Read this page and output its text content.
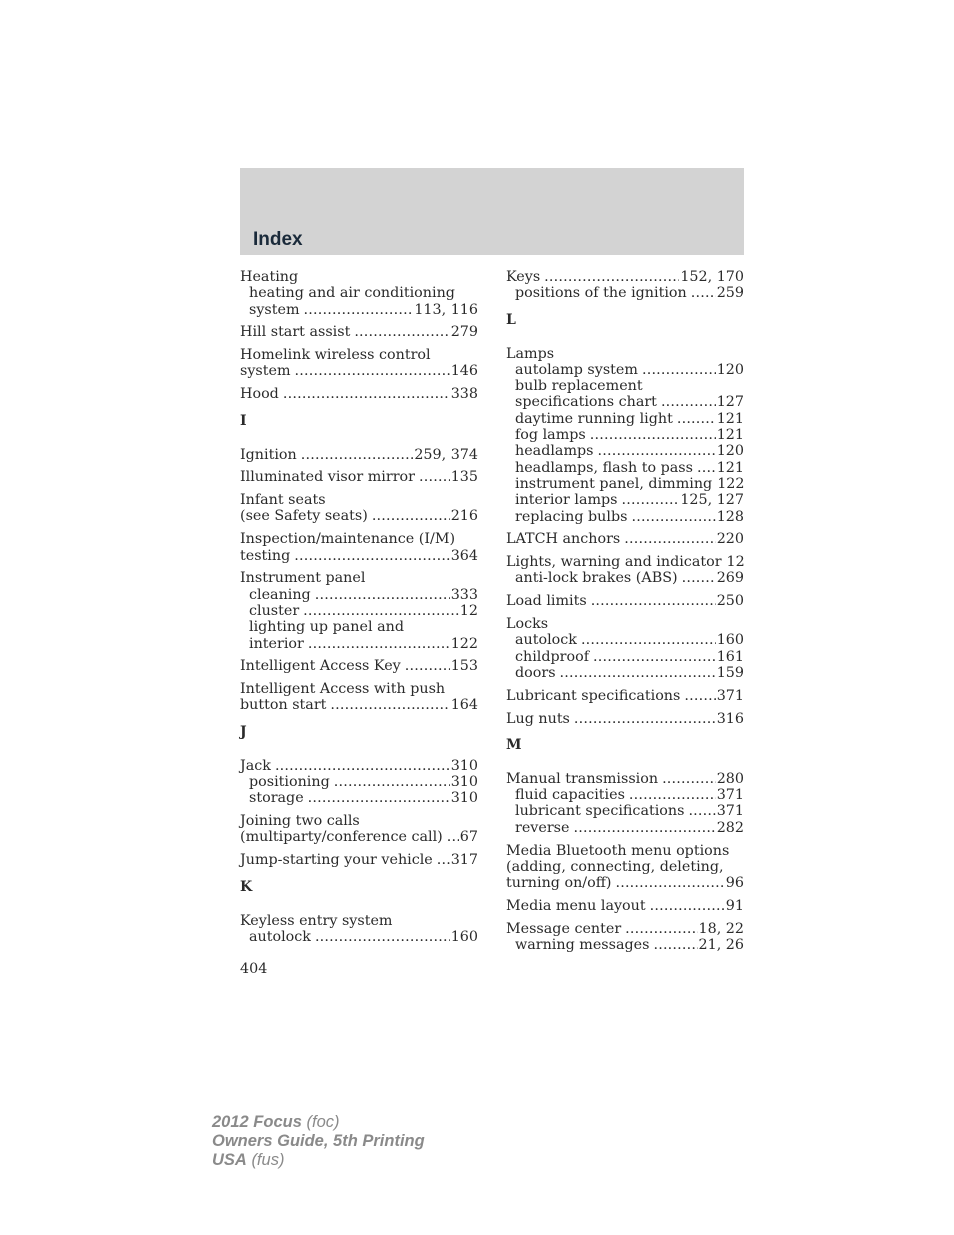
Index
Heating
heating and air conditioning
system .....	113, 116
Hill start assist .....	279
Homelink wireless control
system .....	146
Hood .....	338
I
Ignition .....	259, 374
Illuminated visor mirror ..... 135
Infant seats
(see Safety seats) .....	216
Inspection/maintenance (I/M)
testing .....	364
Instrument panel
cleaning .....	333
cluster .....	12
lighting up panel and
interior .....	122
Intelligent Access Key .....	153
Intelligent Access with push
button start .....	164
J
Jack .....	310
positioning .....	310
storage .....	310
Joining two calls
(multiparty/conference call) ..... 67
Jump-starting your vehicle ..... 317
K
Keyless entry system
autolock .....	160
Keys .....	152, 170
positions of the ignition ..... 259
L
Lamps
autolamp system .....	120
bulb replacement
specifications chart .....	127
daytime running light .....	121
fog lamps .....	121
headlamps .....	120
headlamps, flash to pass ..... 121
instrument panel, dimming 122
interior lamps .....	125, 127
replacing bulbs .....	128
LATCH anchors .....	220
Lights, warning and indicator 12
anti-lock brakes (ABS) .....	269
Load limits .....	250
Locks
autolock .....	160
childproof .....	161
doors .....	159
Lubricant specifications .....	371
Lug nuts .....	316
M
Manual transmission .....	280
fluid capacities .....	371
lubricant specifications ..... 371
reverse .....	282
Media Bluetooth menu options
(adding, connecting, deleting,
turning on/off) .....	96
Media menu layout .....	91
Message center .....	18, 22
warning messages .....	21, 26
404
2012 Focus (foc)
Owners Guide, 5th Printing
USA (fus)
